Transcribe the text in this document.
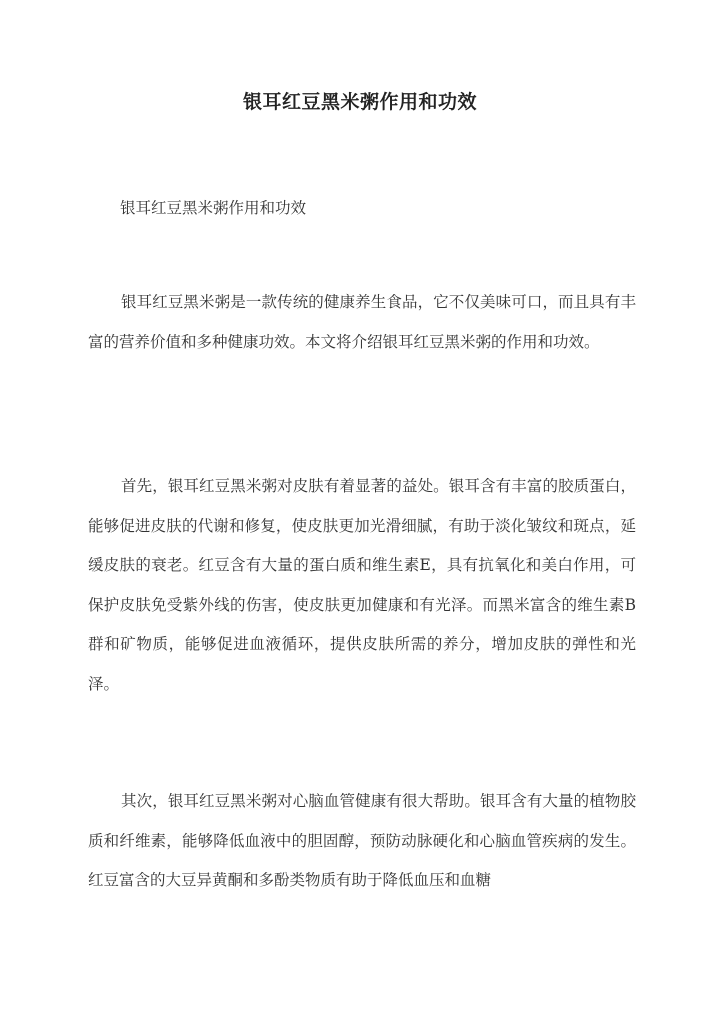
银耳红豆黑米粥作用和功效

银耳红豆黑米粥作用和功效

银耳红豆黑米粥是一款传统的健康养生食品，它不仅美味可口，而且具有丰富的营养价值和多种健康功效。本文将介绍银耳红豆黑米粥的作用和功效。

首先，银耳红豆黑米粥对皮肤有着显著的益处。银耳含有丰富的胶质蛋白，能够促进皮肤的代谢和修复，使皮肤更加光滑细腻，有助于淡化皱纹和斑点，延缓皮肤的衰老。红豆含有大量的蛋白质和维生素E，具有抗氧化和美白作用，可保护皮肤免受紫外线的伤害，使皮肤更加健康和有光泽。而黑米富含的维生素B群和矿物质，能够促进血液循环，提供皮肤所需的养分，增加皮肤的弹性和光泽。

其次，银耳红豆黑米粥对心脑血管健康有很大帮助。银耳含有大量的植物胶质和纤维素，能够降低血液中的胆固醇，预防动脉硬化和心脑血管疾病的发生。红豆富含的大豆异黄酮和多酚类物质有助于降低血压和血糖
